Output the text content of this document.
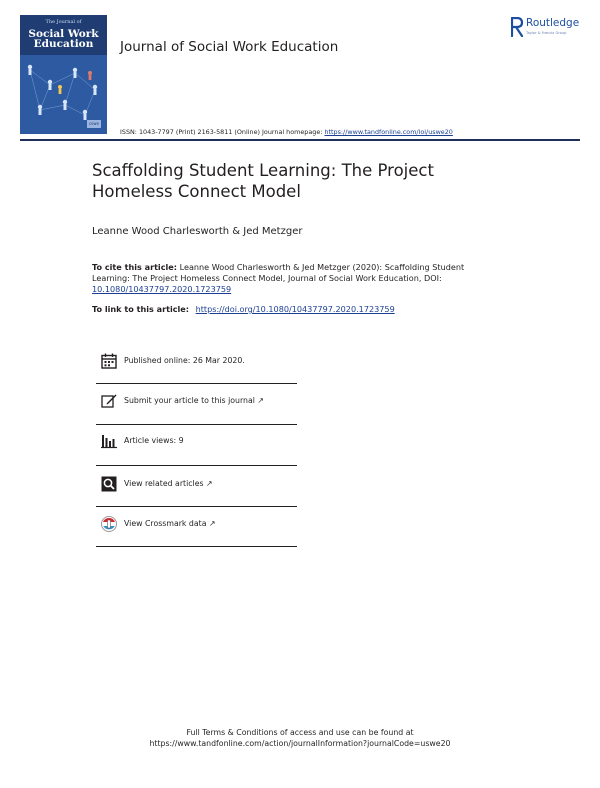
The Journal of
Social Work
Education
cswe
Journal of Social Work Education
Routledge
Taylor & Francis Group
ISSN: 1043-7797 (Print) 2163-5811 (Online) Journal homepage: https://www.tandfonline.com/loi/uswe20
Scaffolding Student Learning: The Project
Homeless Connect Model
Leanne Wood Charlesworth & Jed Metzger
To cite this article: Leanne Wood Charlesworth & Jed Metzger (2020): Scaffolding Student Learning: The Project Homeless Connect Model, Journal of Social Work Education, DOI: 10.1080/10437797.2020.1723759
To link to this article: https://doi.org/10.1080/10437797.2020.1723759
Published online: 26 Mar 2020.
Submit your article to this journal ↗
Article views: 9
View related articles ↗
View Crossmark data ↗
Full Terms & Conditions of access and use can be found at
https://www.tandfonline.com/action/journalInformation?journalCode=uswe20
